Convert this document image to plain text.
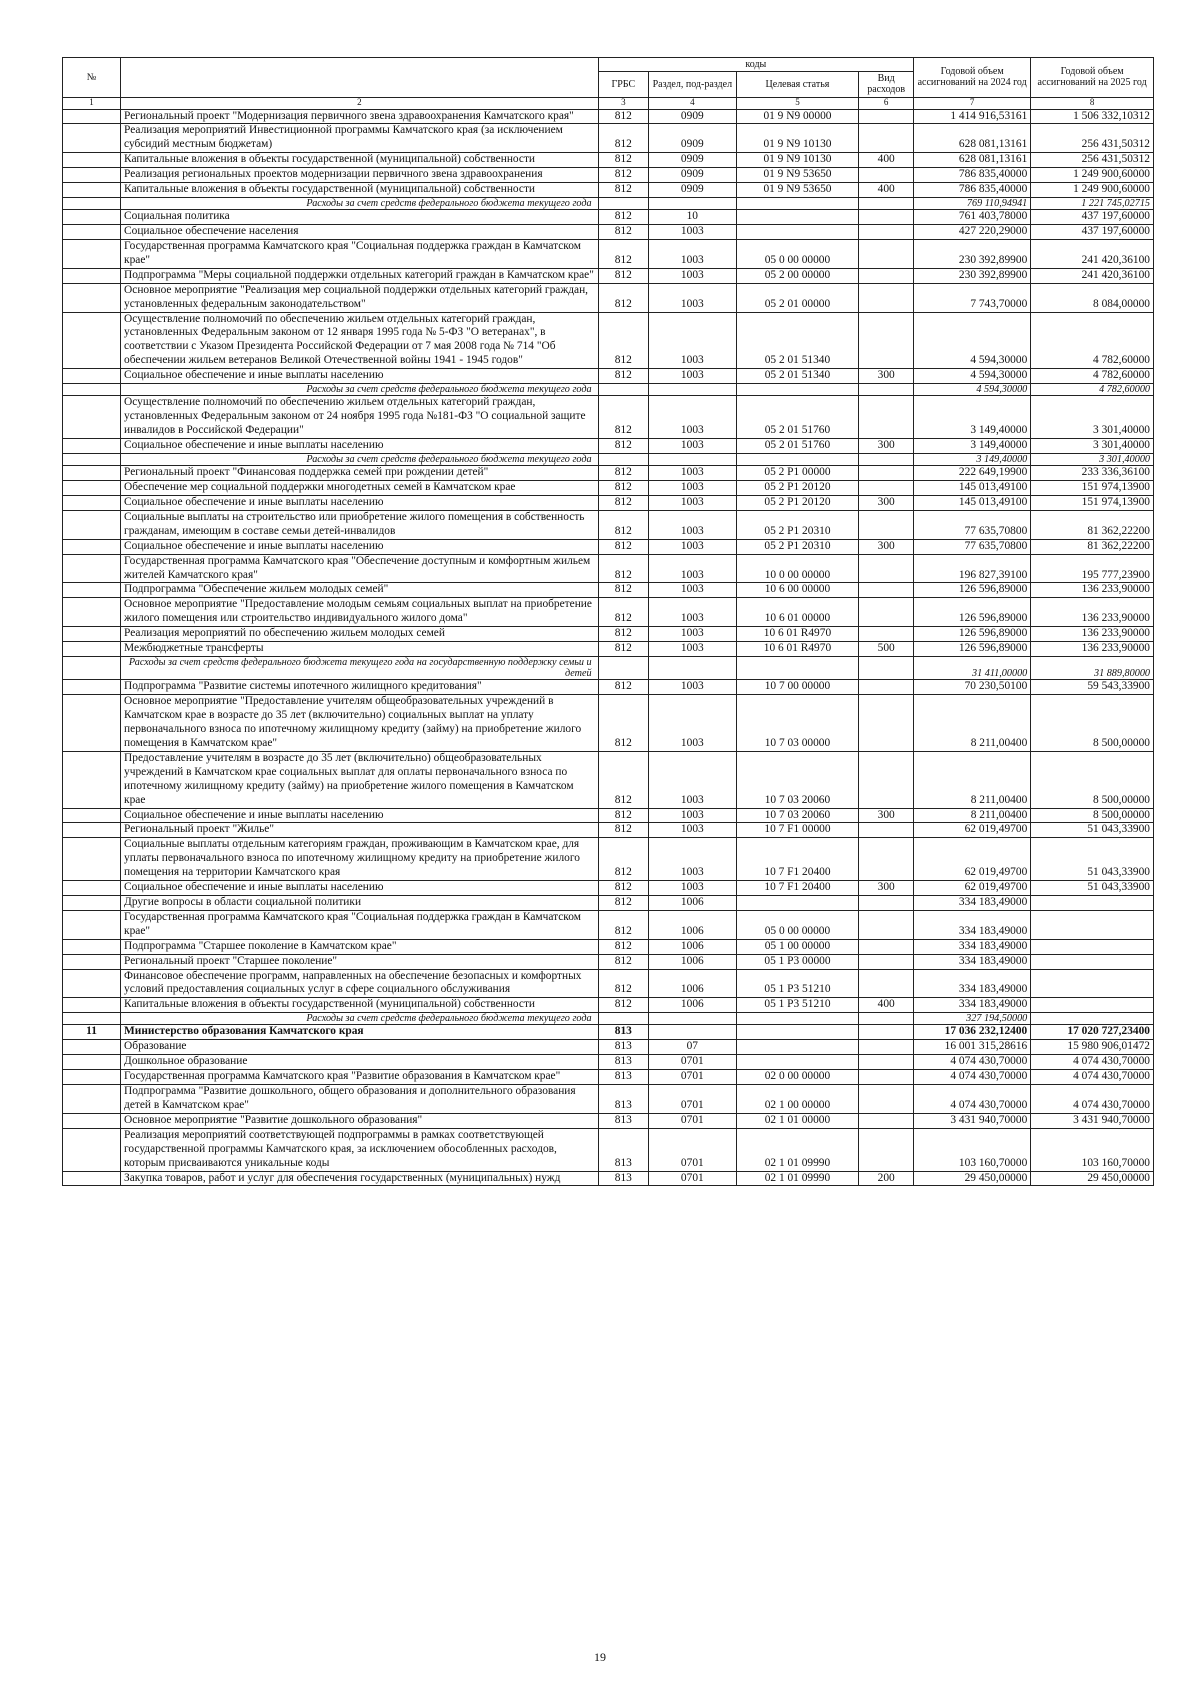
№		коды				Годовой объем ассигнований на 2024 год	Годовой объем ассигнований на 2025 год
		ГРБС	Раздел, под-раздел	Целевая статья	Вид расходов		
1	2	3	4	5	6	7	8
	Региональный проект "Модернизация первичного звена здравоохранения Камчатского края"	812	0909	01 9 N9 00000		1 414 916,53161	1 506 332,10312
	Реализация мероприятий Инвестиционной программы Камчатского края (за исключением субсидий местным бюджетам)	812	0909	01 9 N9 10130		628 081,13161	256 431,50312
	Капитальные вложения в объекты государственной (муниципальной) собственности	812	0909	01 9 N9 10130	400	628 081,13161	256 431,50312
	Реализация региональных проектов модернизации первичного звена здравоохранения	812	0909	01 9 N9 53650		786 835,40000	1 249 900,60000
	Капитальные вложения в объекты государственной (муниципальной) собственности	812	0909	01 9 N9 53650	400	786 835,40000	1 249 900,60000
	Расходы за счет средств федерального бюджета текущего года					769 110,94941	1 221 745,02715
	Социальная политика	812	10			761 403,78000	437 197,60000
	Социальное обеспечение населения	812	1003			427 220,29000	437 197,60000
	Государственная программа Камчатского края "Социальная поддержка граждан в Камчатском крае"	812	1003	05 0 00 00000		230 392,89900	241 420,36100
	Подпрограмма "Меры социальной поддержки отдельных категорий граждан в Камчатском крае"	812	1003	05 2 00 00000		230 392,89900	241 420,36100
	Основное мероприятие "Реализация мер социальной поддержки отдельных категорий граждан, установленных федеральным законодательством"	812	1003	05 2 01 00000		7 743,70000	8 084,00000
	Осуществление полномочий по обеспечению жильем отдельных категорий граждан, установленных Федеральным законом от 12 января 1995 года № 5-ФЗ "О ветеранах", в соответствии с Указом Президента Российской Федерации от 7 мая 2008 года № 714 "Об обеспечении жильем ветеранов Великой Отечественной войны 1941 - 1945 годов"	812	1003	05 2 01 51340		4 594,30000	4 782,60000
	Социальное обеспечение и иные выплаты населению	812	1003	05 2 01 51340	300	4 594,30000	4 782,60000
	Расходы за счет средств федерального бюджета текущего года					4 594,30000	4 782,60000
	Осуществление полномочий по обеспечению жильем отдельных категорий граждан, установленных Федеральным законом от 24 ноября 1995 года №181-ФЗ "О социальной защите инвалидов в Российской Федерации"	812	1003	05 2 01 51760		3 149,40000	3 301,40000
	Социальное обеспечение и иные выплаты населению	812	1003	05 2 01 51760	300	3 149,40000	3 301,40000
	Расходы за счет средств федерального бюджета текущего года					3 149,40000	3 301,40000
	Региональный проект "Финансовая поддержка семей при рождении детей"	812	1003	05 2 P1 00000		222 649,19900	233 336,36100
	Обеспечение мер социальной поддержки многодетных семей в Камчатском крае	812	1003	05 2 P1 20120		145 013,49100	151 974,13900
	Социальное обеспечение и иные выплаты населению	812	1003	05 2 P1 20120	300	145 013,49100	151 974,13900
	Социальные выплаты на строительство или приобретение жилого помещения в собственность гражданам, имеющим в составе семьи детей-инвалидов	812	1003	05 2 P1 20310		77 635,70800	81 362,22200
	Социальное обеспечение и иные выплаты населению	812	1003	05 2 P1 20310	300	77 635,70800	81 362,22200
	Государственная программа Камчатского края "Обеспечение доступным и комфортным жильем жителей Камчатского края"	812	1003	10 0 00 00000		196 827,39100	195 777,23900
	Подпрограмма "Обеспечение жильем молодых семей"	812	1003	10 6 00 00000		126 596,89000	136 233,90000
	Основное мероприятие "Предоставление молодым семьям социальных выплат на приобретение жилого помещения или строительство индивидуального жилого дома"	812	1003	10 6 01 00000		126 596,89000	136 233,90000
	Реализация мероприятий по обеспечению жильем молодых семей	812	1003	10 6 01 R4970		126 596,89000	136 233,90000
	Межбюджетные трансферты	812	1003	10 6 01 R4970	500	126 596,89000	136 233,90000
	Расходы за счет средств федерального бюджета текущего года на государственную поддержку семьи и детей					31 411,00000	31 889,80000
	Подпрограмма "Развитие системы ипотечного жилищного кредитования"	812	1003	10 7 00 00000		70 230,50100	59 543,33900
	Основное мероприятие "Предоставление учителям общеобразовательных учреждений в Камчатском крае в возрасте до 35 лет (включительно) социальных выплат на уплату первоначального взноса по ипотечному жилищному кредиту (займу) на приобретение жилого помещения в Камчатском крае"	812	1003	10 7 03 00000		8 211,00400	8 500,00000
	Предоставление учителям в возрасте до 35 лет (включительно) общеобразовательных учреждений в Камчатском крае социальных выплат для оплаты первоначального взноса по ипотечному жилищному кредиту (займу) на приобретение жилого помещения в Камчатском крае	812	1003	10 7 03 20060		8 211,00400	8 500,00000
	Социальное обеспечение и иные выплаты населению	812	1003	10 7 03 20060	300	8 211,00400	8 500,00000
	Региональный проект "Жилье"	812	1003	10 7 F1 00000		62 019,49700	51 043,33900
	Социальные выплаты отдельным категориям граждан, проживающим в Камчатском крае, для уплаты первоначального взноса по ипотечному жилищному кредиту на приобретение жилого помещения на территории Камчатского края	812	1003	10 7 F1 20400		62 019,49700	51 043,33900
	Социальное обеспечение и иные выплаты населению	812	1003	10 7 F1 20400	300	62 019,49700	51 043,33900
	Другие вопросы в области социальной политики	812	1006			334 183,49000	
	Государственная программа Камчатского края "Социальная поддержка граждан в Камчатском крае"	812	1006	05 0 00 00000		334 183,49000	
	Подпрограмма "Старшее поколение в Камчатском крае"	812	1006	05 1 00 00000		334 183,49000	
	Региональный проект "Старшее поколение"	812	1006	05 1 P3 00000		334 183,49000	
	Финансовое обеспечение программ, направленных на обеспечение безопасных и комфортных условий предоставления социальных услуг в сфере социального обслуживания	812	1006	05 1 P3 51210		334 183,49000	
	Капитальные вложения в объекты государственной (муниципальной) собственности	812	1006	05 1 P3 51210	400	334 183,49000	
	Расходы за счет средств федерального бюджета текущего года					327 194,50000	
11	Министерство образования Камчатского края	813				17 036 232,12400	17 020 727,23400
	Образование	813	07			16 001 315,28616	15 980 906,01472
	Дошкольное образование	813	0701			4 074 430,70000	4 074 430,70000
	Государственная программа Камчатского края "Развитие образования в Камчатском крае"	813	0701	02 0 00 00000		4 074 430,70000	4 074 430,70000
	Подпрограмма "Развитие дошкольного, общего образования и дополнительного образования детей в Камчатском крае"	813	0701	02 1 00 00000		4 074 430,70000	4 074 430,70000
	Основное мероприятие "Развитие дошкольного образования"	813	0701	02 1 01 00000		3 431 940,70000	3 431 940,70000
	Реализация мероприятий соответствующей подпрограммы в рамках соответствующей государственной программы Камчатского края, за исключением обособленных расходов, которым присваиваются уникальные коды	813	0701	02 1 01 09990		103 160,70000	103 160,70000
	Закупка товаров, работ и услуг для обеспечения государственных (муниципальных) нужд	813	0701	02 1 01 09990	200	29 450,00000	29 450,00000
19
